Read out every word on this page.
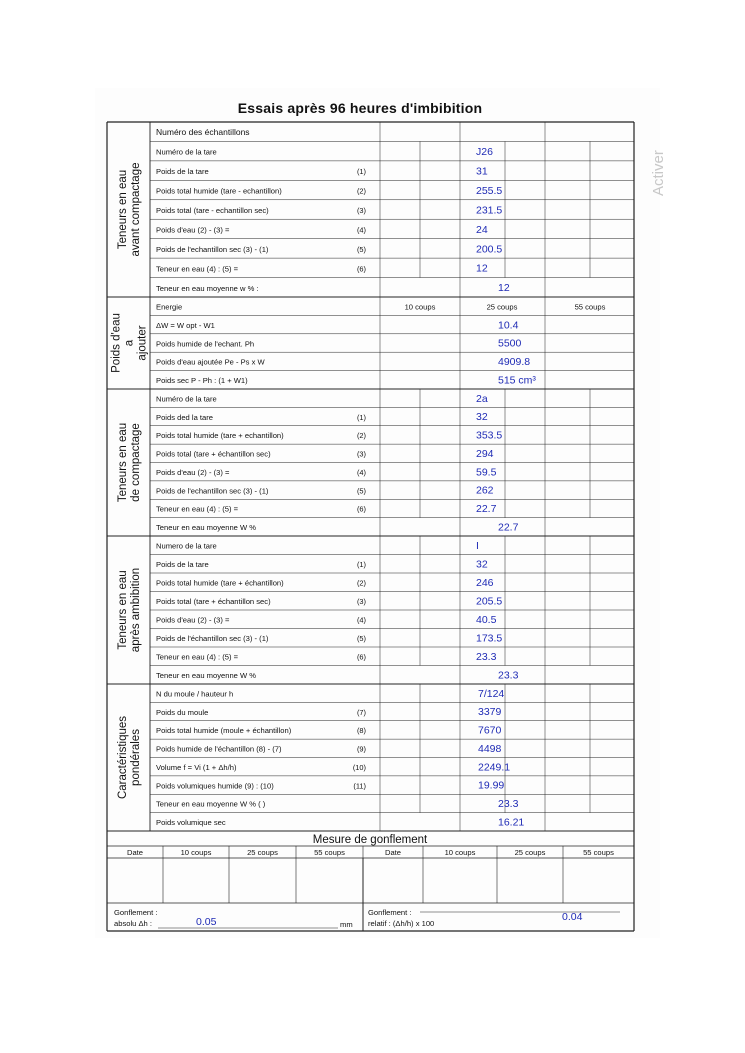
Essais après 96 heures d'imbibition
Activer
Teneurs en eau avant compactage
Numéro des échantillons
Numéro de la tare	J26
Poids de la tare	(1)	31
Poids total humide (tare - echantillon)	(2)	255.5
Poids total (tare - echantillon sec)	(3)	231.5
Poids d'eau (2) - (3) =	(4)	24
Poids de l'echantillon sec (3) - (1)	(5)	200.5
Teneur en eau (4) : (5) =	(6)	12
Teneur en eau moyenne w % :	12
Poids d'eau a ajouter
Energie	10 coups	25 coups	55 coups
ΔW = W opt - W1	10.4
Poids humide de l'echant. Ph	5500
Poids d'eau ajoutée Pe - Ps x W	4909.8
Poids sec P - Ph : (1 + W1)	515 cm³
Teneurs en eau de compactage
Numéro de la tare	2a
Poids ded la tare	(1)	32
Poids total humide (tare + echantillon)	(2)	353.5
Poids total (tare + échantillon sec)	(3)	294
Poids d'eau (2) - (3) =	(4)	59.5
Poids de l'echantillon sec (3) - (1)	(5)	262
Teneur en eau (4) : (5) =	(6)	22.7
Teneur en eau moyenne W %	22.7
Teneurs en eau après ambibition
Numero de la tare	I
Poids de la tare	(1)	32
Poids total humide (tare + échantillon)	(2)	246
Poids total (tare + échantillon sec)	(3)	205.5
Poids d'eau (2) - (3) =	(4)	40.5
Poids de l'échantillon sec (3) - (1)	(5)	173.5
Teneur en eau (4) : (5) =	(6)	23.3
Teneur en eau moyenne W %	23.3
Caractéristiques pondérales
N du moule / hauteur h	7/124
Poids du moule	(7)	3379
Poids total humide (moule + échantillon)	(8)	7670
Poids humide de l'échantillon (8) - (7)	(9)	4498
Volume f = Vi (1 + Δh/h)	(10)	2249.1
Poids volumiques humide (9) : (10)	(11)	19.99
Teneur en eau moyenne W % ( )	23.3
Poids volumique sec	16.21
Mesure de gonflement
Date	10 coups	25 coups	55 coups	Date	10 coups	25 coups	55 coups
Gonflement :
absolu Δh :	0.05	mm
Gonflement :
relatif : (Δh/h) x 100
0.04
